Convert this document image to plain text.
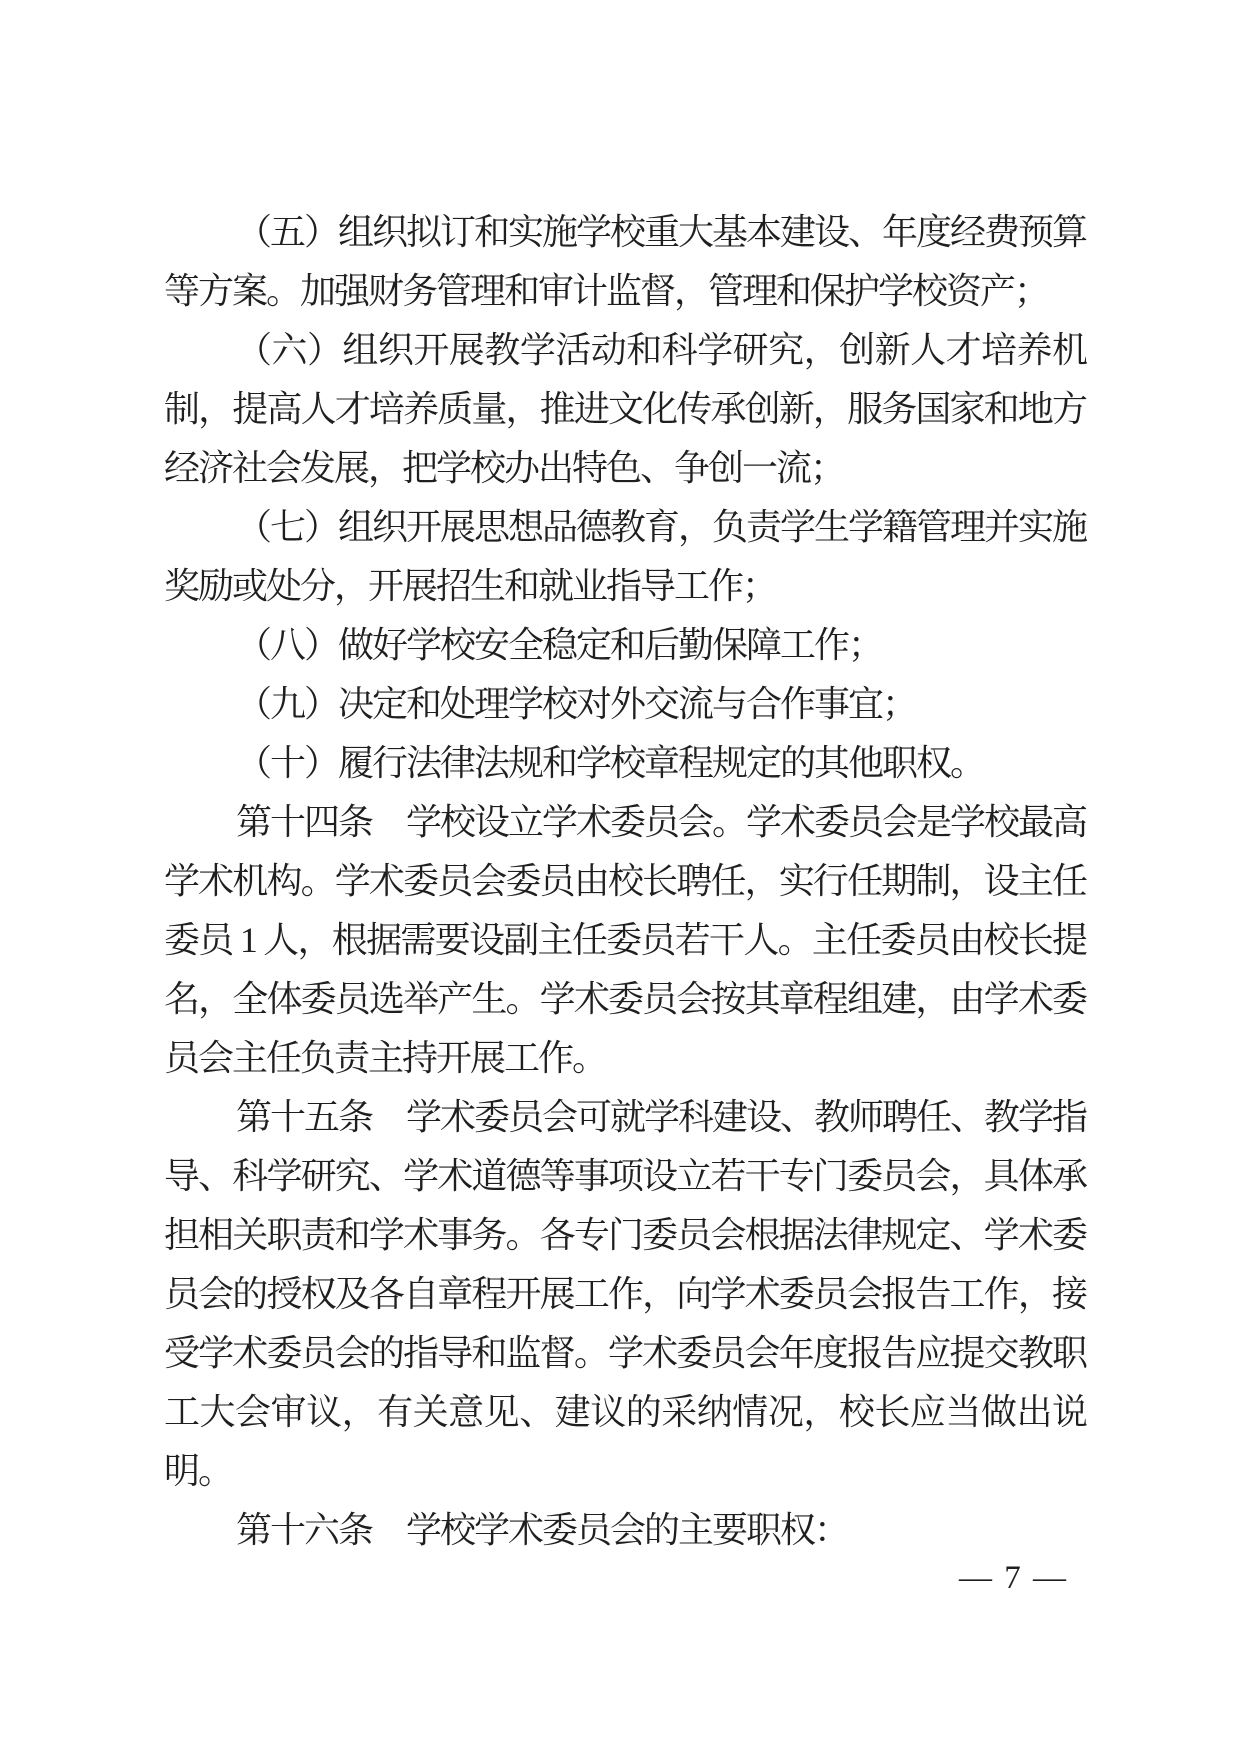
（五）组织拟订和实施学校重大基本建设、年度经费预算等方案。加强财务管理和审计监督，管理和保护学校资产；

（六）组织开展教学活动和科学研究，创新人才培养机制，提高人才培养质量，推进文化传承创新，服务国家和地方经济社会发展，把学校办出特色、争创一流；

（七）组织开展思想品德教育，负责学生学籍管理并实施奖励或处分，开展招生和就业指导工作；

（八）做好学校安全稳定和后勤保障工作；

（九）决定和处理学校对外交流与合作事宜；

（十）履行法律法规和学校章程规定的其他职权。

第十四条　学校设立学术委员会。学术委员会是学校最高学术机构。学术委员会委员由校长聘任，实行任期制，设主任委员 1 人，根据需要设副主任委员若干人。主任委员由校长提名，全体委员选举产生。学术委员会按其章程组建，由学术委员会主任负责主持开展工作。

第十五条　学术委员会可就学科建设、教师聘任、教学指导、科学研究、学术道德等事项设立若干专门委员会，具体承担相关职责和学术事务。各专门委员会根据法律规定、学术委员会的授权及各自章程开展工作，向学术委员会报告工作，接受学术委员会的指导和监督。学术委员会年度报告应提交教职工大会审议，有关意见、建议的采纳情况，校长应当做出说明。

第十六条　学校学术委员会的主要职权：

— 7 —
